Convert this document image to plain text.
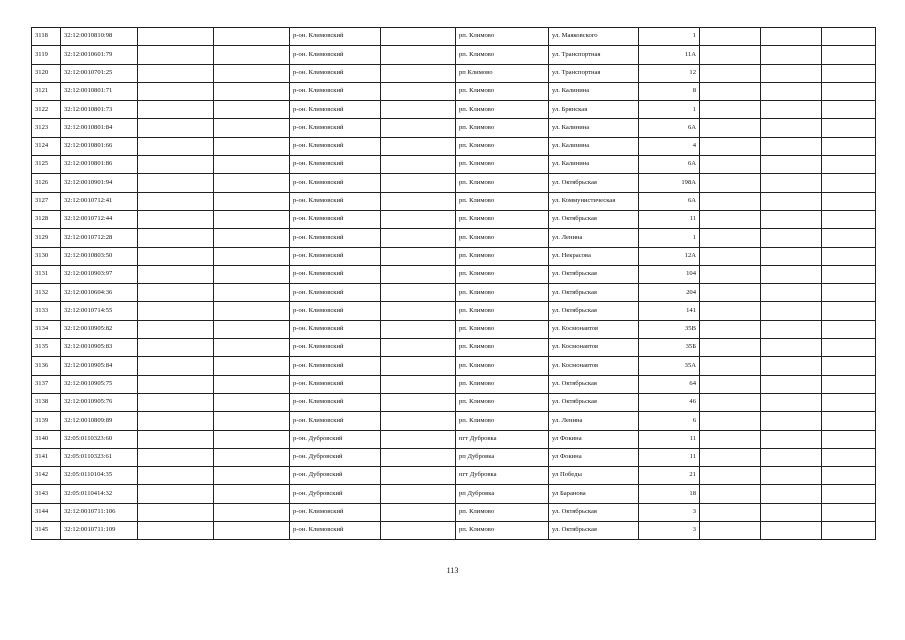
3118	32:12:0010810:98			р-он. Климовский		рп. Климово	ул. Маяковского	1			
3119	32:12:0010601:79			р-он. Климовский		рп. Климово	ул. Транспортная	11А			
3120	32:12:0010701:25			р-он. Климовский		рп Климово	ул. Транспортная	12			
3121	32:12:0010801:71			р-он. Климовский		рп. Климово	ул. Калинина	8			
3122	32:12:0010801:73			р-он. Климовский		рп. Климово	ул. Брянская	1			
3123	32:12:0010801:84			р-он. Климовский		рп. Климово	ул. Калинина	6А			
3124	32:12:0010801:66			р-он. Климовский		рп. Климово	ул. Калинина	4			
3125	32:12:0010801:86			р-он. Климовский		рп. Климово	ул. Калинина	6А			
3126	32:12:0010901:94			р-он. Климовский		рп. Климово	ул. Октябрьская	198А			
3127	32:12:0010712:41			р-он. Климовский		рп. Климово	ул. Коммунистическая	6А			
3128	32:12:0010712:44			р-он. Климовский		рп. Климово	ул. Октябрьская	11			
3129	32:12:0010712:28			р-он. Климовский		рп. Климово	ул. Ленина	1			
3130	32:12:0010803:50			р-он. Климовский		рп. Климово	ул. Некрасова	12А			
3131	32:12:0010903:97			р-он. Климовский		рп. Климово	ул. Октябрьская	104			
3132	32:12:0010604:36			р-он. Климовский		рп. Климово	ул. Октябрьская	204			
3133	32:12:0010714:55			р-он. Климовский		рп. Климово	ул. Октябрьская	141			
3134	32:12:0010905:82			р-он. Климовский		рп. Климово	ул. Космонавтов	35В			
3135	32:12:0010905:83			р-он. Климовский		рп. Климово	ул. Космонавтов	35Б			
3136	32:12:0010905:84			р-он. Климовский		рп. Климово	ул. Космонавтов	35А			
3137	32:12:0010905:75			р-он. Климовский		рп. Климово	ул. Октябрьская	64			
3138	32:12:0010905:76			р-он. Климовский		рп. Климово	ул. Октябрьская	46			
3139	32:12:0010809:89			р-он. Климовский		рп. Климово	ул. Ленина	6			
3140	32:05:0110323:60			р-он. Дубровский		пгт Дубровка	ул Фокина	11			
3141	32:05:0110323:61			р-он. Дубровский		рп Дубровка	ул Фокина	11			
3142	32:05:0110104:35			р-он. Дубровский		пгт Дубровка	ул Победы	21			
3143	32:05:0110414:32			р-он. Дубровский		рп Дубровка	ул Баранова	18			
3144	32:12:0010711:106			р-он. Климовский		рп. Климово	ул. Октябрьская	3			
3145	32:12:0010711:109			р-он. Климовский		рп. Климово	ул. Октябрьская	3			
113
